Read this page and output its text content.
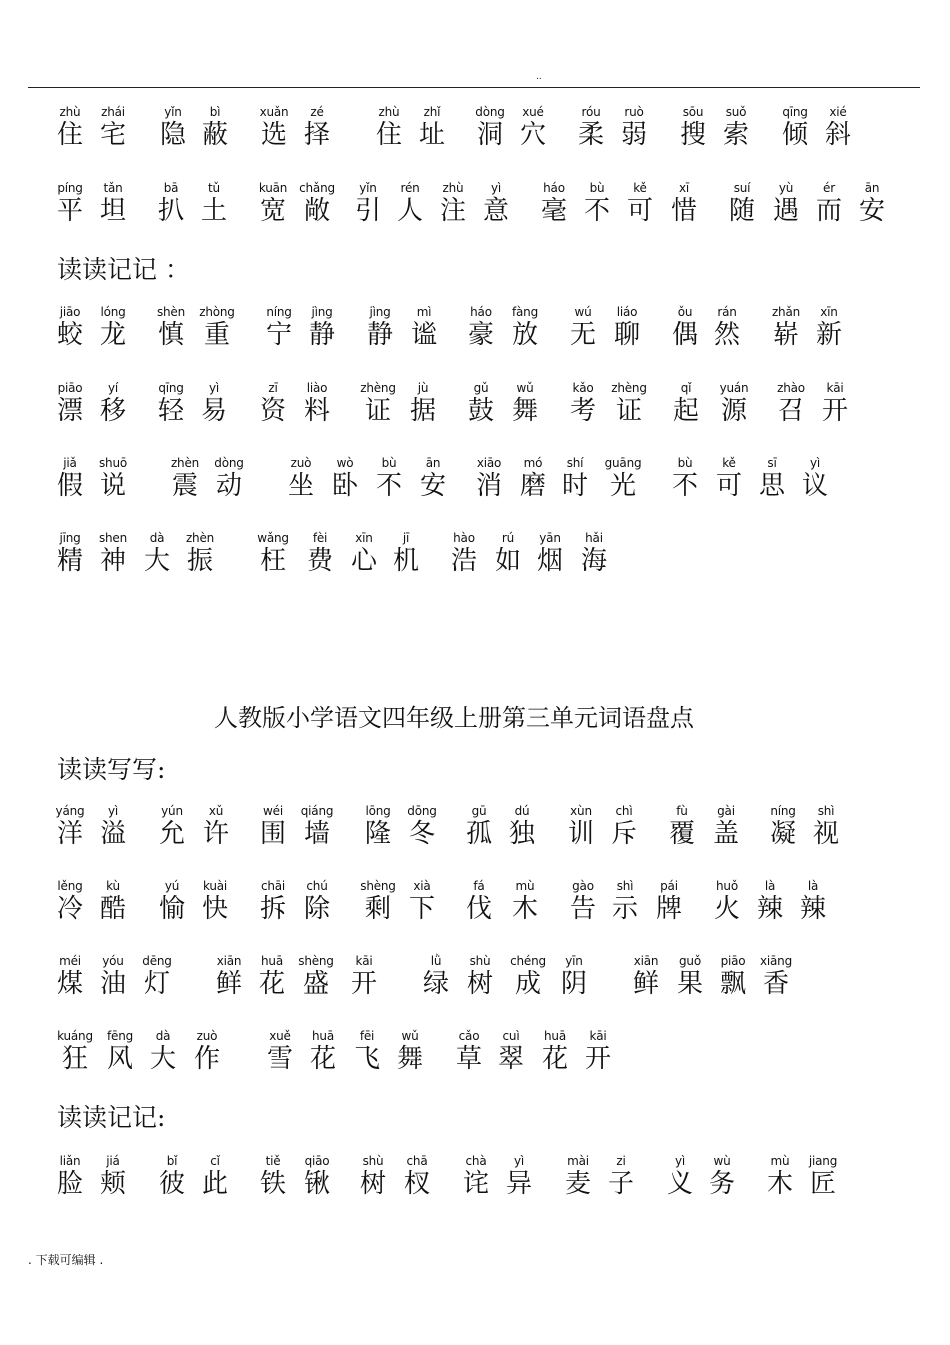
..
读读记记 ：
人教版小学语文四年级上册第三单元词语盘点
读读写写:
读读记记:
zhù
住
zhái
宅
yǐn
隐
bì
蔽
xuǎn
选
zé
择
zhù
住
zhǐ
址
dòng
洞
xué
穴
róu
柔
ruò
弱
sōu
搜
suǒ
索
qīng
倾
xié
斜
píng
平
tǎn
坦
bā
扒
tǔ
土
kuān
宽
chǎng
敞
yǐn
引
rén
人
zhù
注
yì
意
háo
毫
bù
不
kě
可
xī
惜
suí
随
yù
遇
ér
而
ān
安
jiāo
蛟
lóng
龙
shèn
慎
zhòng
重
níng
宁
jìng
静
jìng
静
mì
谧
háo
豪
fàng
放
wú
无
liáo
聊
ǒu
偶
rán
然
zhǎn
崭
xīn
新
piāo
漂
yí
移
qīng
轻
yì
易
zī
资
liào
料
zhèng
证
jù
据
gǔ
鼓
wǔ
舞
kǎo
考
zhèng
证
qǐ
起
yuán
源
zhào
召
kāi
开
jiǎ
假
shuō
说
zhèn
震
dòng
动
zuò
坐
wò
卧
bù
不
ān
安
xiāo
消
mó
磨
shí
时
guāng
光
bù
不
kě
可
sī
思
yì
议
jīng
精
shen
神
dà
大
zhèn
振
wǎng
枉
fèi
费
xīn
心
jī
机
hào
浩
rú
如
yān
烟
hǎi
海
yáng
洋
yì
溢
yún
允
xǔ
许
wéi
围
qiáng
墙
lōng
隆
dōng
冬
gū
孤
dú
独
xùn
训
chì
斥
fù
覆
gài
盖
níng
凝
shì
视
lěng
冷
kù
酷
yú
愉
kuài
快
chāi
拆
chú
除
shèng
剩
xià
下
fá
伐
mù
木
gào
告
shì
示
pái
牌
huǒ
火
là
辣
là
辣
méi
煤
yóu
油
dēng
灯
xiān
鲜
huā
花
shèng
盛
kāi
开
lǜ
绿
shù
树
chéng
成
yīn
阴
xiān
鲜
guǒ
果
piāo
飘
xiāng
香
kuáng
狂
fēng
风
dà
大
zuò
作
xuě
雪
huā
花
fēi
飞
wǔ
舞
cǎo
草
cuì
翠
huā
花
kāi
开
liǎn
脸
jiá
颊
bǐ
彼
cǐ
此
tiě
铁
qiāo
锹
shù
树
chā
杈
chà
诧
yì
异
mài
麦
zi
子
yì
义
wù
务
mù
木
jiang
匠
. 下载可编辑 .
